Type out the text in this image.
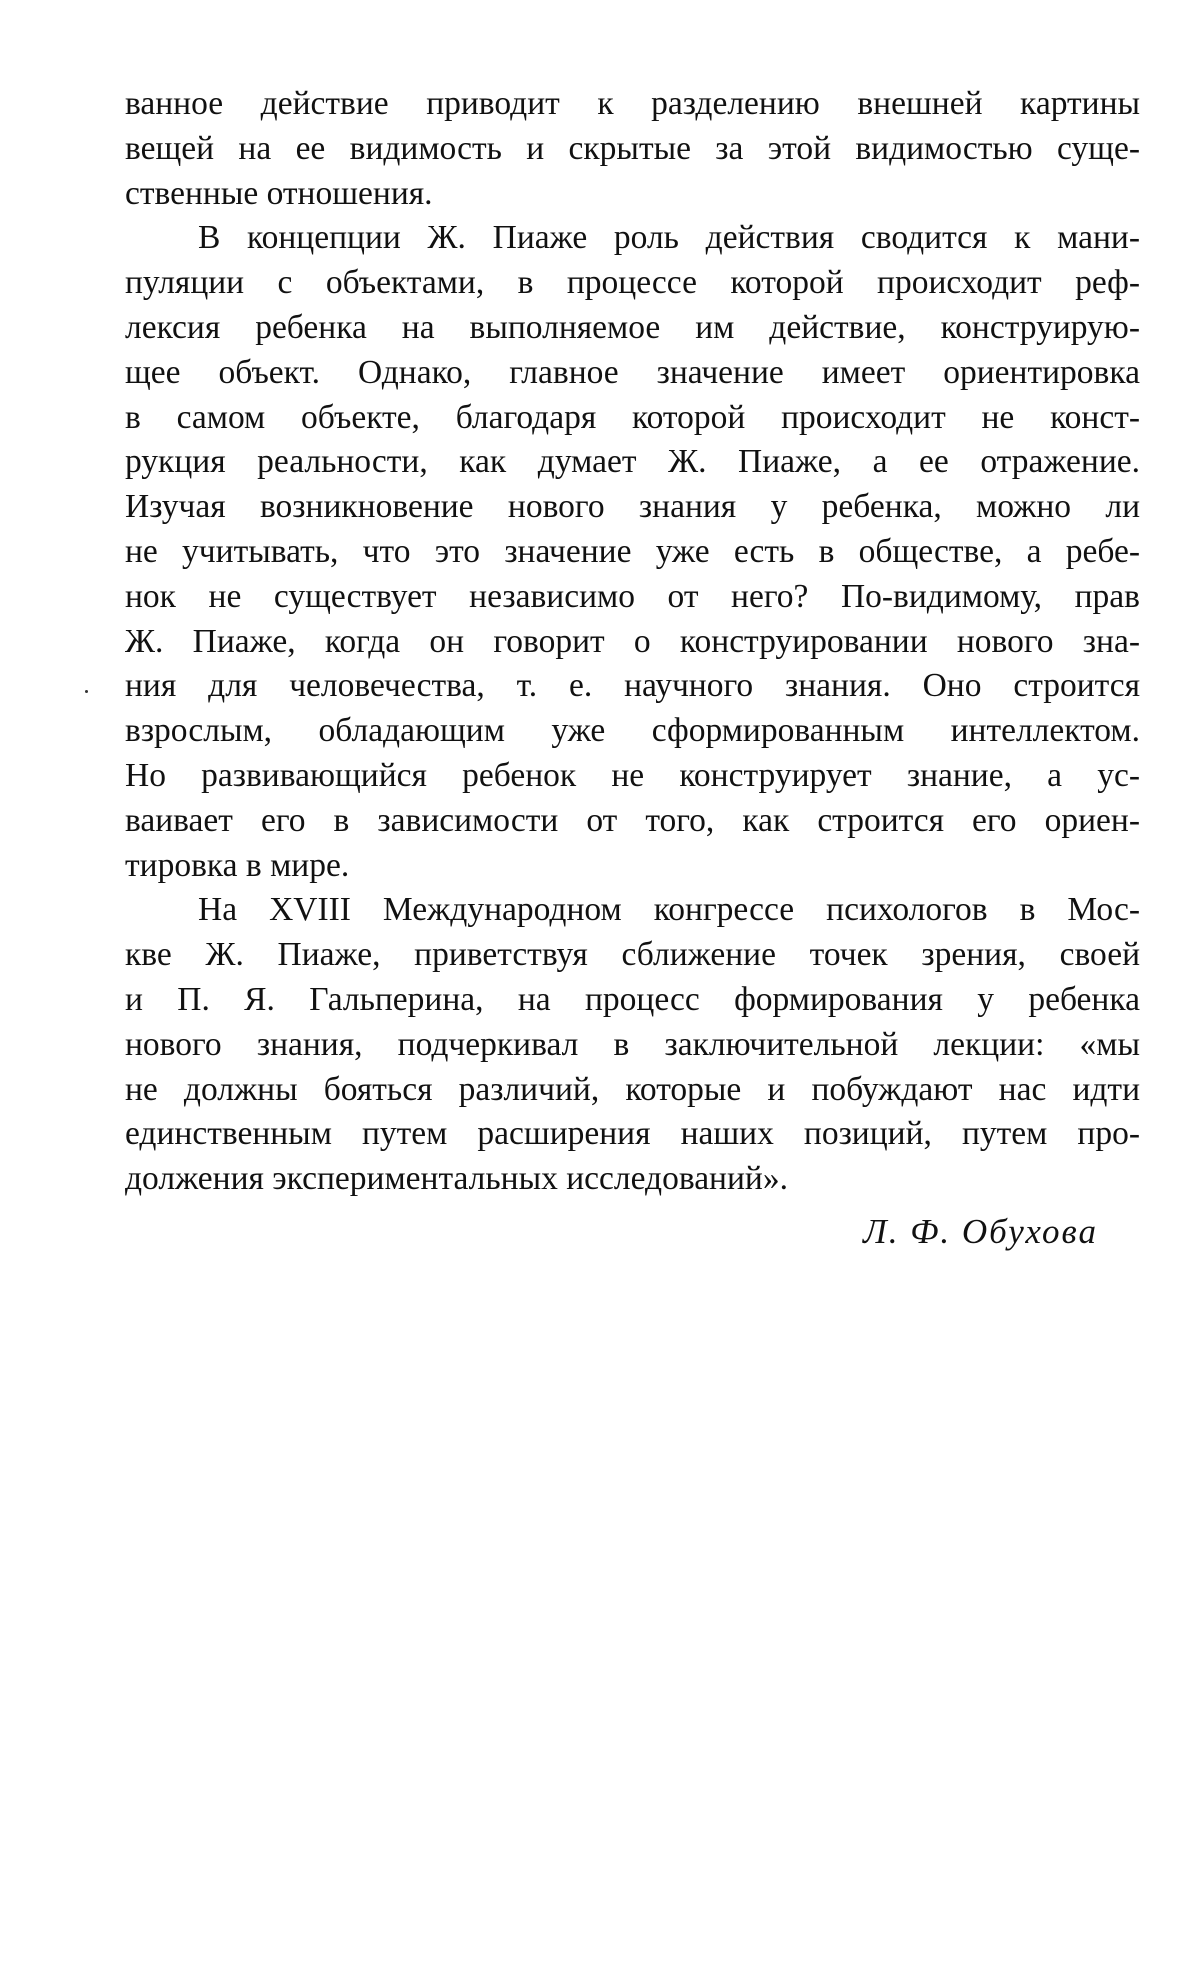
ванное действие приводит к разделению внешней картины
вещей на ее видимость и скрытые за этой видимостью суще-
ственные отношения.
В концепции Ж. Пиаже роль действия сводится к мани-
пуляции с объектами, в процессе которой происходит реф-
лексия ребенка на выполняемое им действие, конструирую-
щее объект. Однако, главное значение имеет ориентировка
в самом объекте, благодаря которой происходит не конст-
рукция реальности, как думает Ж. Пиаже, а ее отражение.
Изучая возникновение нового знания у ребенка, можно ли
не учитывать, что это значение уже есть в обществе, а ребе-
нок не существует независимо от него? По-видимому, прав
Ж. Пиаже, когда он говорит о конструировании нового зна-
ния для человечества, т. е. научного знания. Оно строится
взрослым, обладающим уже сформированным интеллектом.
Но развивающийся ребенок не конструирует знание, а ус-
ваивает его в зависимости от того, как строится его ориен-
тировка в мире.
На XVIII Международном конгрессе психологов в Мос-
кве Ж. Пиаже, приветствуя сближение точек зрения, своей
и П. Я. Гальперина, на процесс формирования у ребенка
нового знания, подчеркивал в заключительной лекции: «мы
не должны бояться различий, которые и побуждают нас идти
единственным путем расширения наших позиций, путем про-
должения экспериментальных исследований».
Л. Ф. Обухова
